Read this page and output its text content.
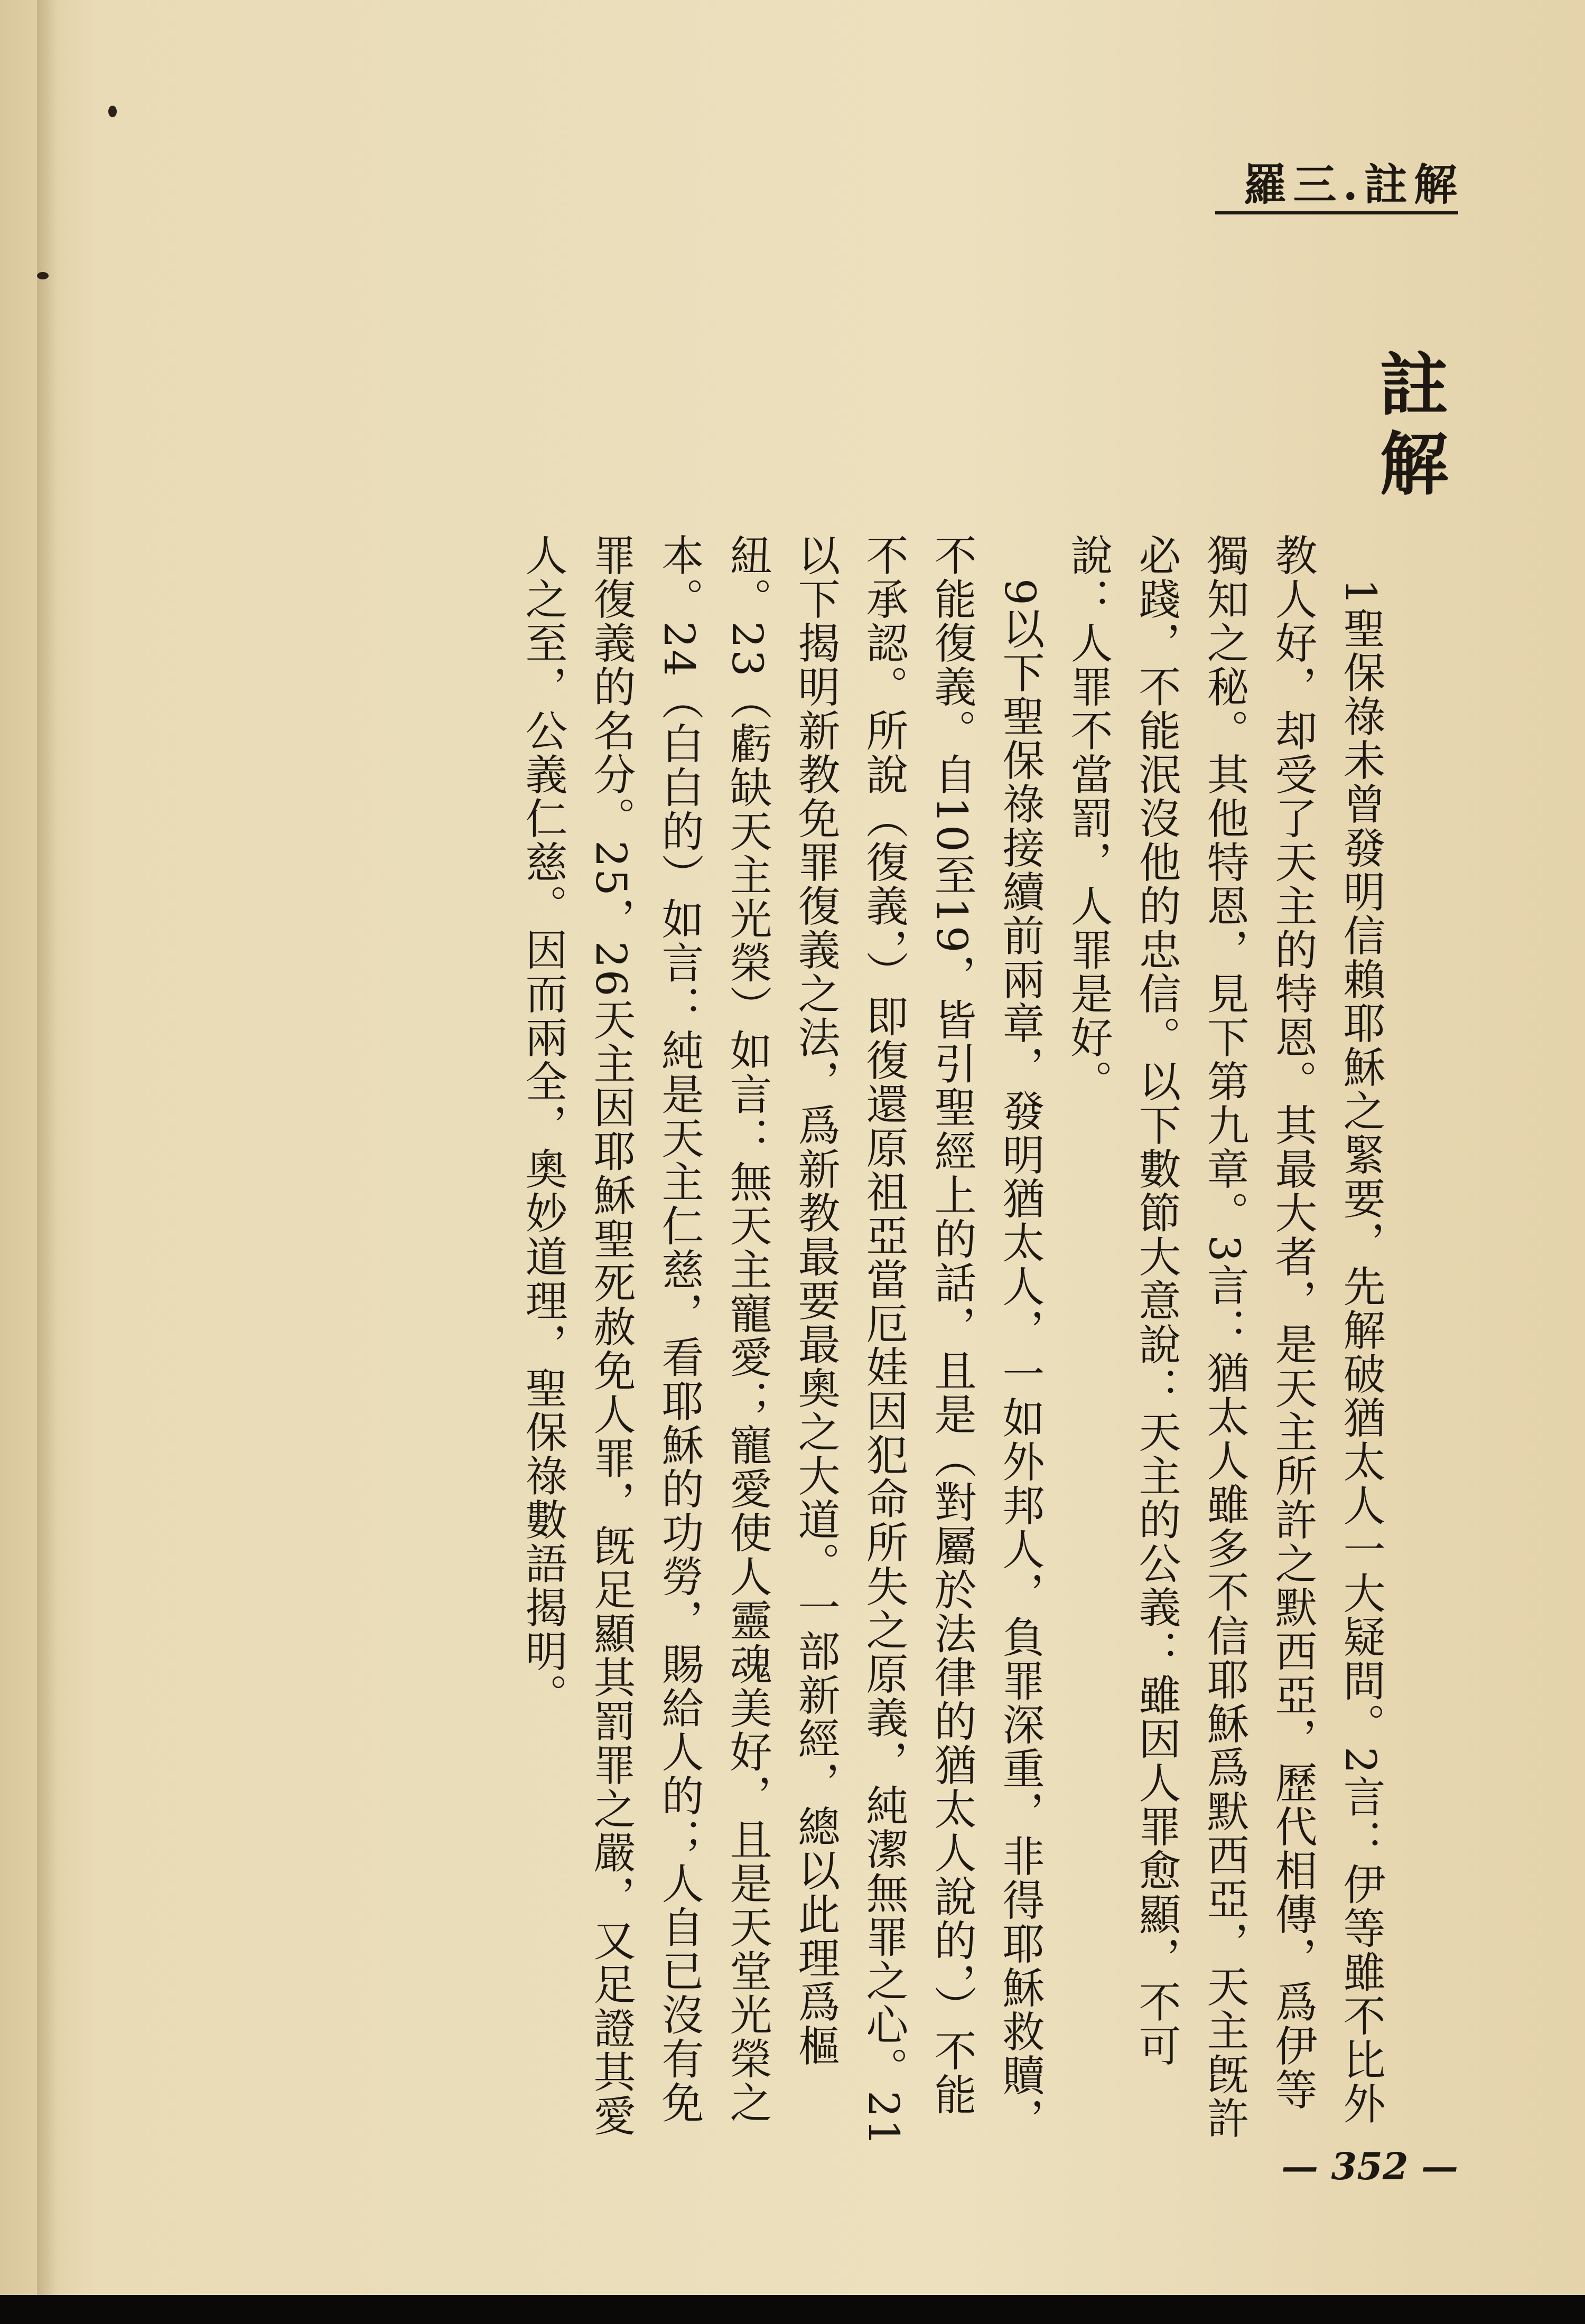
羅三.註解
註解

1聖保祿未曾發明信賴耶穌之緊要，先解破猶太人一大疑問。2言：伊等雖不比外教人好，却受了天主的特恩。其最大者，是天主所許之默西亞，歷代相傳，爲伊等獨知之秘。其他特恩，見下第九章。3言：猶太人雖多不信耶穌爲默西亞，天主旣許必踐，不能泯沒他的忠信。以下數節大意說：天主的公義：雖因人罪愈顯，不可說：人罪不當罰，人罪是好。

9以下聖保祿接續前兩章，發明猶太人，一如外邦人，負罪深重，非得耶穌救贖，不能復義。自10至19，皆引聖經上的話，且是（對屬於法律的猶太人說的，）不能不承認。所說（復義，）即復還原祖亞當厄娃因犯命所失之原義，純潔無罪之心。21以下揭明新教免罪復義之法，爲新教最要最奧之大道。一部新經，總以此理爲樞紐。23（虧缺天主光榮）如言：無天主寵愛；寵愛使人靈魂美好，且是天堂光榮之本。24（白白的）如言：純是天主仁慈，看耶穌的功勞，賜給人的；人自已沒有免罪復義的名分。25，26天主因耶穌聖死赦免人罪，旣足顯其罰罪之嚴，又足證其愛人之至，公義仁慈。因而兩全，奧妙道理，聖保祿數語揭明。

— 352 —
